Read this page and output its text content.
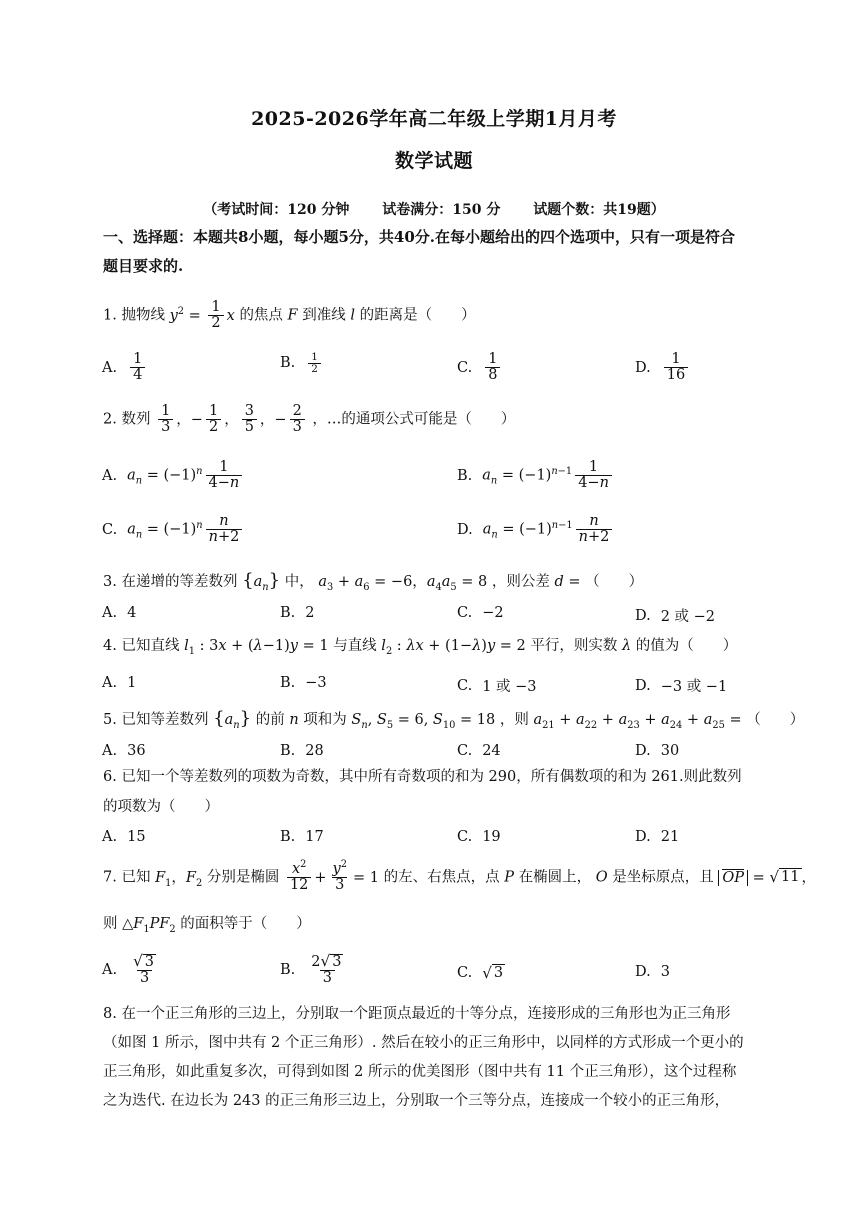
2025-2026学年高二年级上学期1月月考
数学试题
（考试时间：120 分钟 试卷满分：150 分 试题个数：共19题）
一、选择题：本题共8小题，每小题5分，共40分.在每小题给出的四个选项中，只有一项是符合
题目要求的.
1. 抛物线 $y^2 = \frac{1}{2}$ x 的焦点 F 到准线 l 的距离是（　　）
A. $\frac{1}{4}$	B. $\frac{1}{2}$	C. $\frac{1}{8}$	D. $\frac{1}{16}$
2. 数列 $\frac{1}{3}$ ，− $\frac{1}{2}$ ， $\frac{3}{5}$ ，− $\frac{2}{3}$ ，…的通项公式可能是（　　）
A. $a_n = (-1)^n \frac{1}{4-n}$	B. $a_n = (-1)^{n-1} \frac{1}{4-n}$
C. $a_n = (-1)^n \frac{n}{n+2}$	D. $a_n = (-1)^{n-1} \frac{n}{n+2}$
3. 在递增的等差数列 $\{a_n\}$ 中， $a_3 + a_6 = -6$，$a_4a_5 = 8$ ，则公差 d = （　　）
A. 4	B. 2	C. −2	D. 2 或 −2
4. 已知直线 $l_1$ : 3x + (λ−1)y = 1 与直线 $l_2$ : λx + (1−λ)y = 2 平行，则实数 λ 的值为（　　）
A. 1	B. −3	C. 1 或 −3	D. −3 或 −1
5. 已知等差数列 $\{a_n\}$ 的前 n 项和为 $S_n$, $S_5 = 6$, $S_{10} = 18$ ，则 $a_{21} + a_{22} + a_{23} + a_{24} + a_{25}$ = （　　）
A. 36	B. 28	C. 24	D. 30
6. 已知一个等差数列的项数为奇数，其中所有奇数项的和为 290，所有偶数项的和为 261.则此数列
的项数为（　　）
A. 15	B. 17	C. 19	D. 21
7. 已知 $F_1$，$F_2$ 分别是椭圆 $\frac{x^2}{12} + \frac{y^2}{3} = 1$ 的左、右焦点，点 P 在椭圆上， O 是坐标原点，且 OP = √ 11 ，
则 $\triangle F_1PF_2$ 的面积等于（　　）
A. $\frac{√ 3}{3}$	B. $\frac{2 √ 3}{3}$	C. √ 3	D. 3
8. 在一个正三角形的三边上，分别取一个距顶点最近的十等分点，连接形成的三角形也为正三角形
（如图 1 所示，图中共有 2 个正三角形）. 然后在较小的正三角形中，以同样的方式形成一个更小的
正三角形，如此重复多次，可得到如图 2 所示的优美图形（图中共有 11 个正三角形），这个过程称
之为迭代. 在边长为 243 的正三角形三边上，分别取一个三等分点，连接成一个较小的正三角形，
